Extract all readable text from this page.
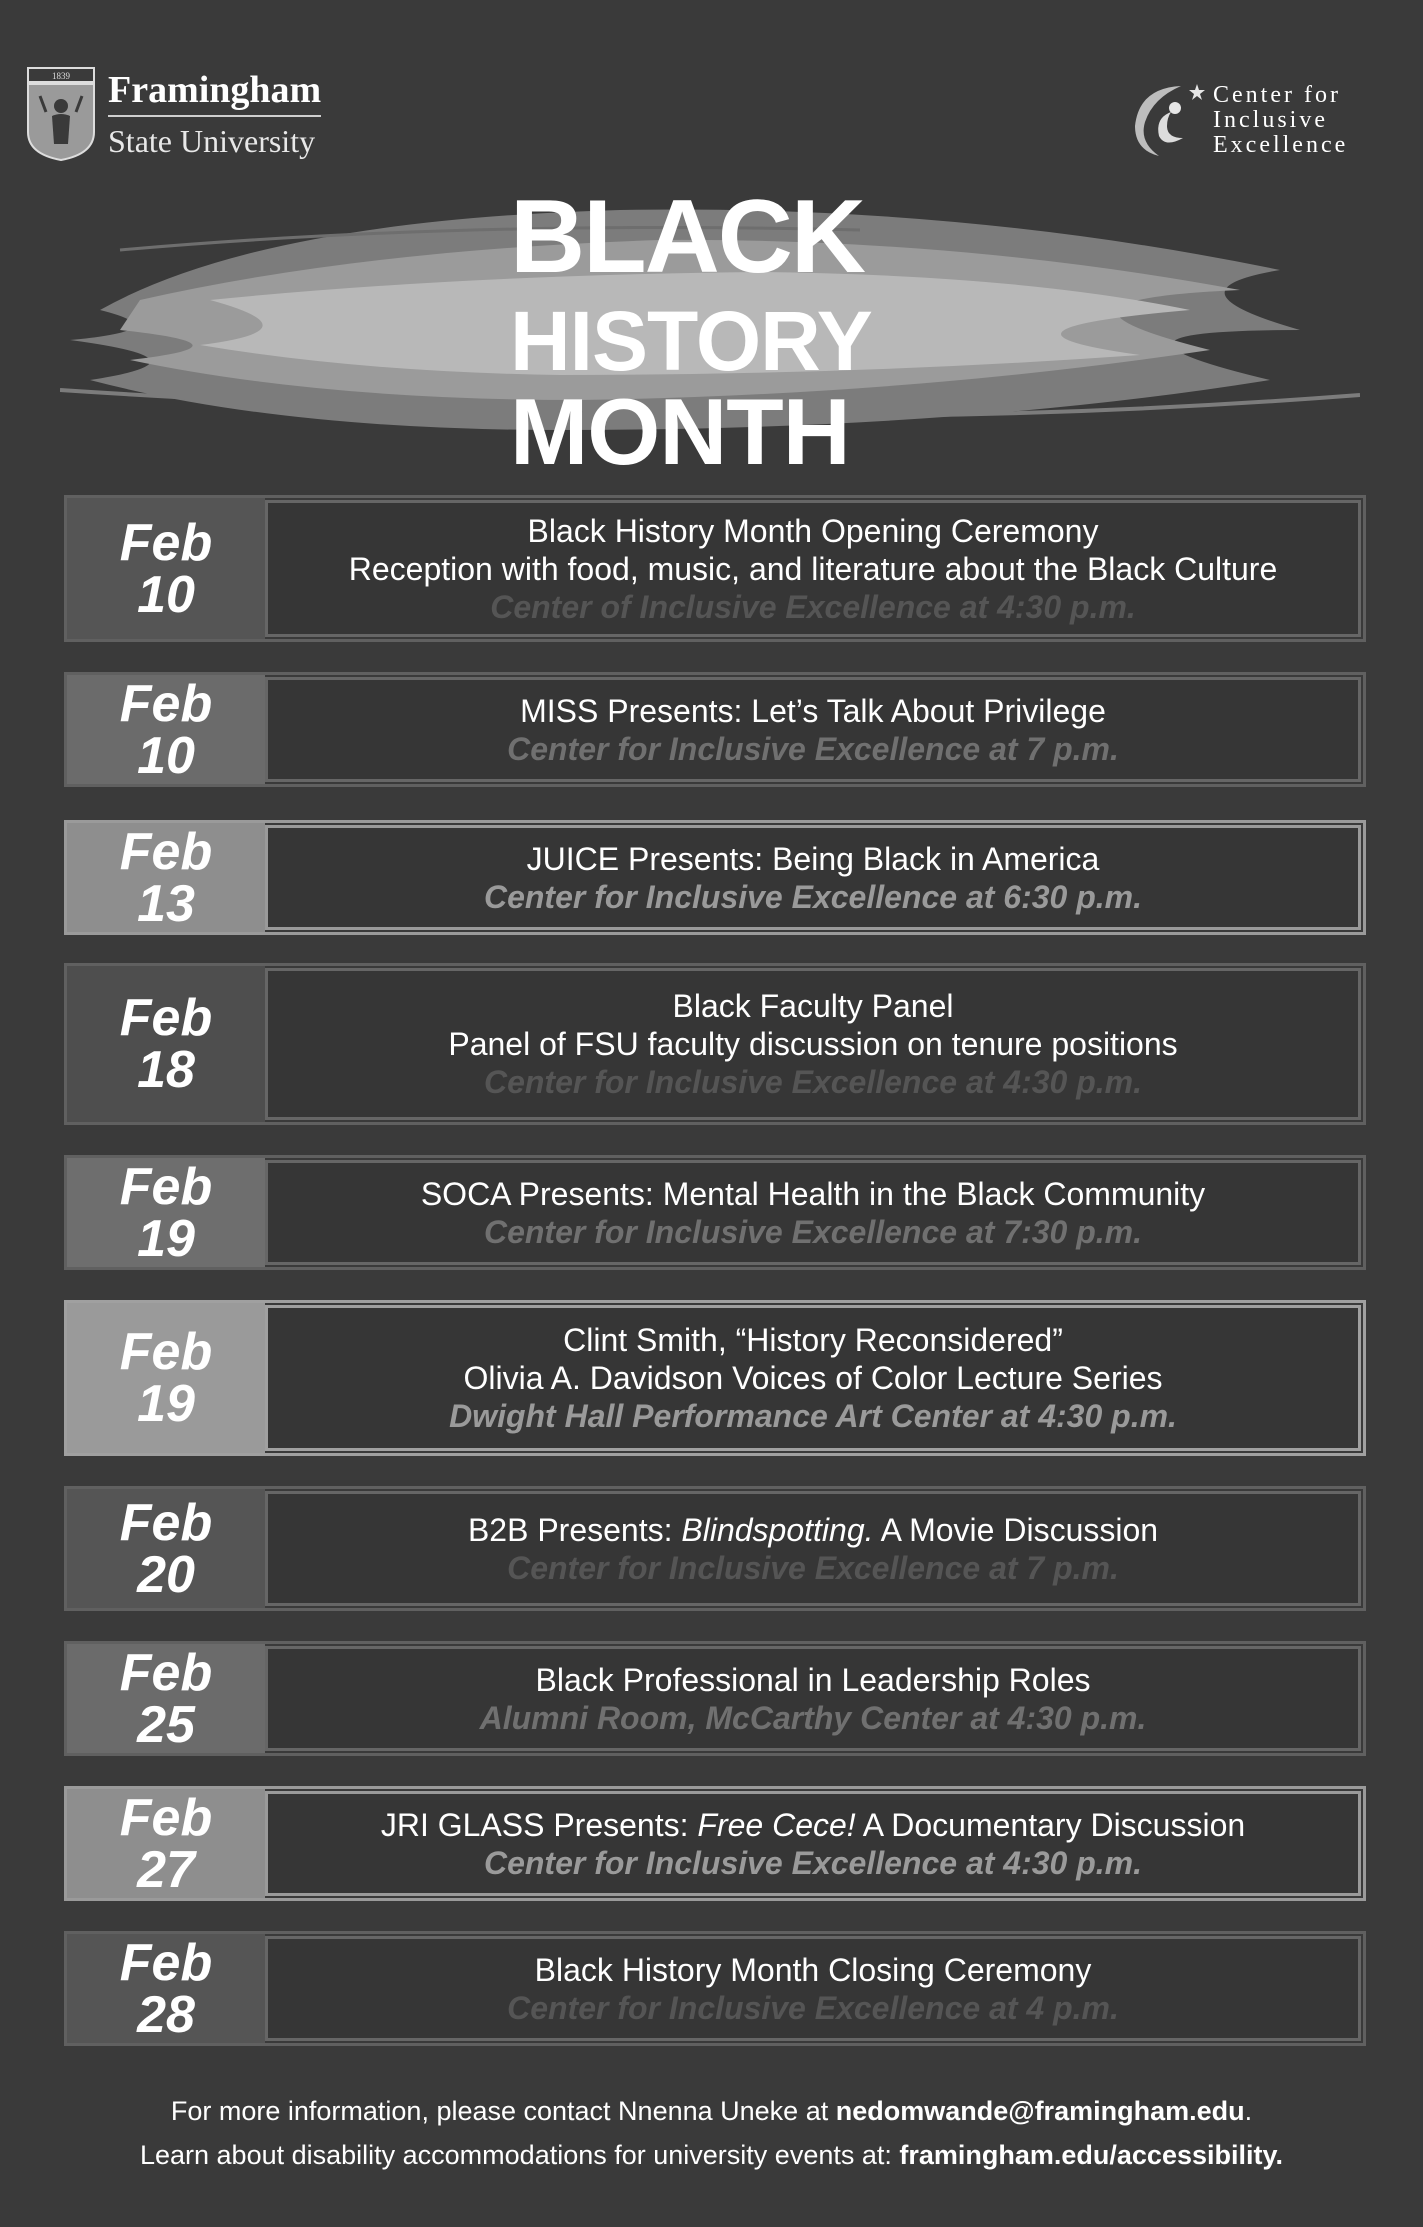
1839 Framingham
State University
Center for
Inclusive
Excellence
BLACK
HISTORY
MONTH
Feb
10
Black History Month Opening Ceremony
Reception with food, music, and literature about the Black Culture
Center of Inclusive Excellence at 4:30 p.m.
Feb
10
MISS Presents: Let’s Talk About Privilege
Center for Inclusive Excellence at 7 p.m.
Feb
13
JUICE Presents: Being Black in America
Center for Inclusive Excellence at 6:30 p.m.
Feb
18
Black Faculty Panel
Panel of FSU faculty discussion on tenure positions
Center for Inclusive Excellence at 4:30 p.m.
Feb
19
SOCA Presents: Mental Health in the Black Community
Center for Inclusive Excellence at 7:30 p.m.
Feb
19
Clint Smith, “History Reconsidered”
Olivia A. Davidson Voices of Color Lecture Series
Dwight Hall Performance Art Center at 4:30 p.m.
Feb
20
B2B Presents: Blindspotting. A Movie Discussion
Center for Inclusive Excellence at 7 p.m.
Feb
25
Black Professional in Leadership Roles
Alumni Room, McCarthy Center at 4:30 p.m.
Feb
27
JRI GLASS Presents: Free Cece! A Documentary Discussion
Center for Inclusive Excellence at 4:30 p.m.
Feb
28
Black History Month Closing Ceremony
Center for Inclusive Excellence at 4 p.m.
For more information, please contact Nnenna Uneke at nedomwande@framingham.edu.
Learn about disability accommodations for university events at: framingham.edu/accessibility.
